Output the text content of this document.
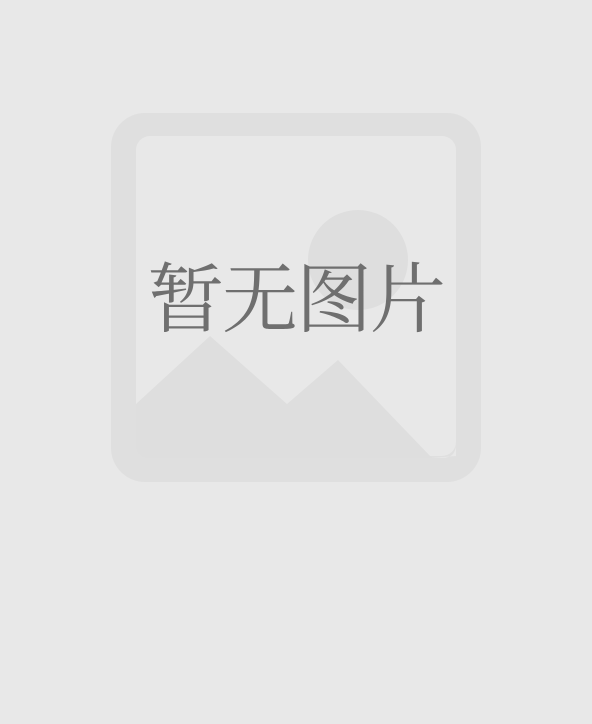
暂无图片
